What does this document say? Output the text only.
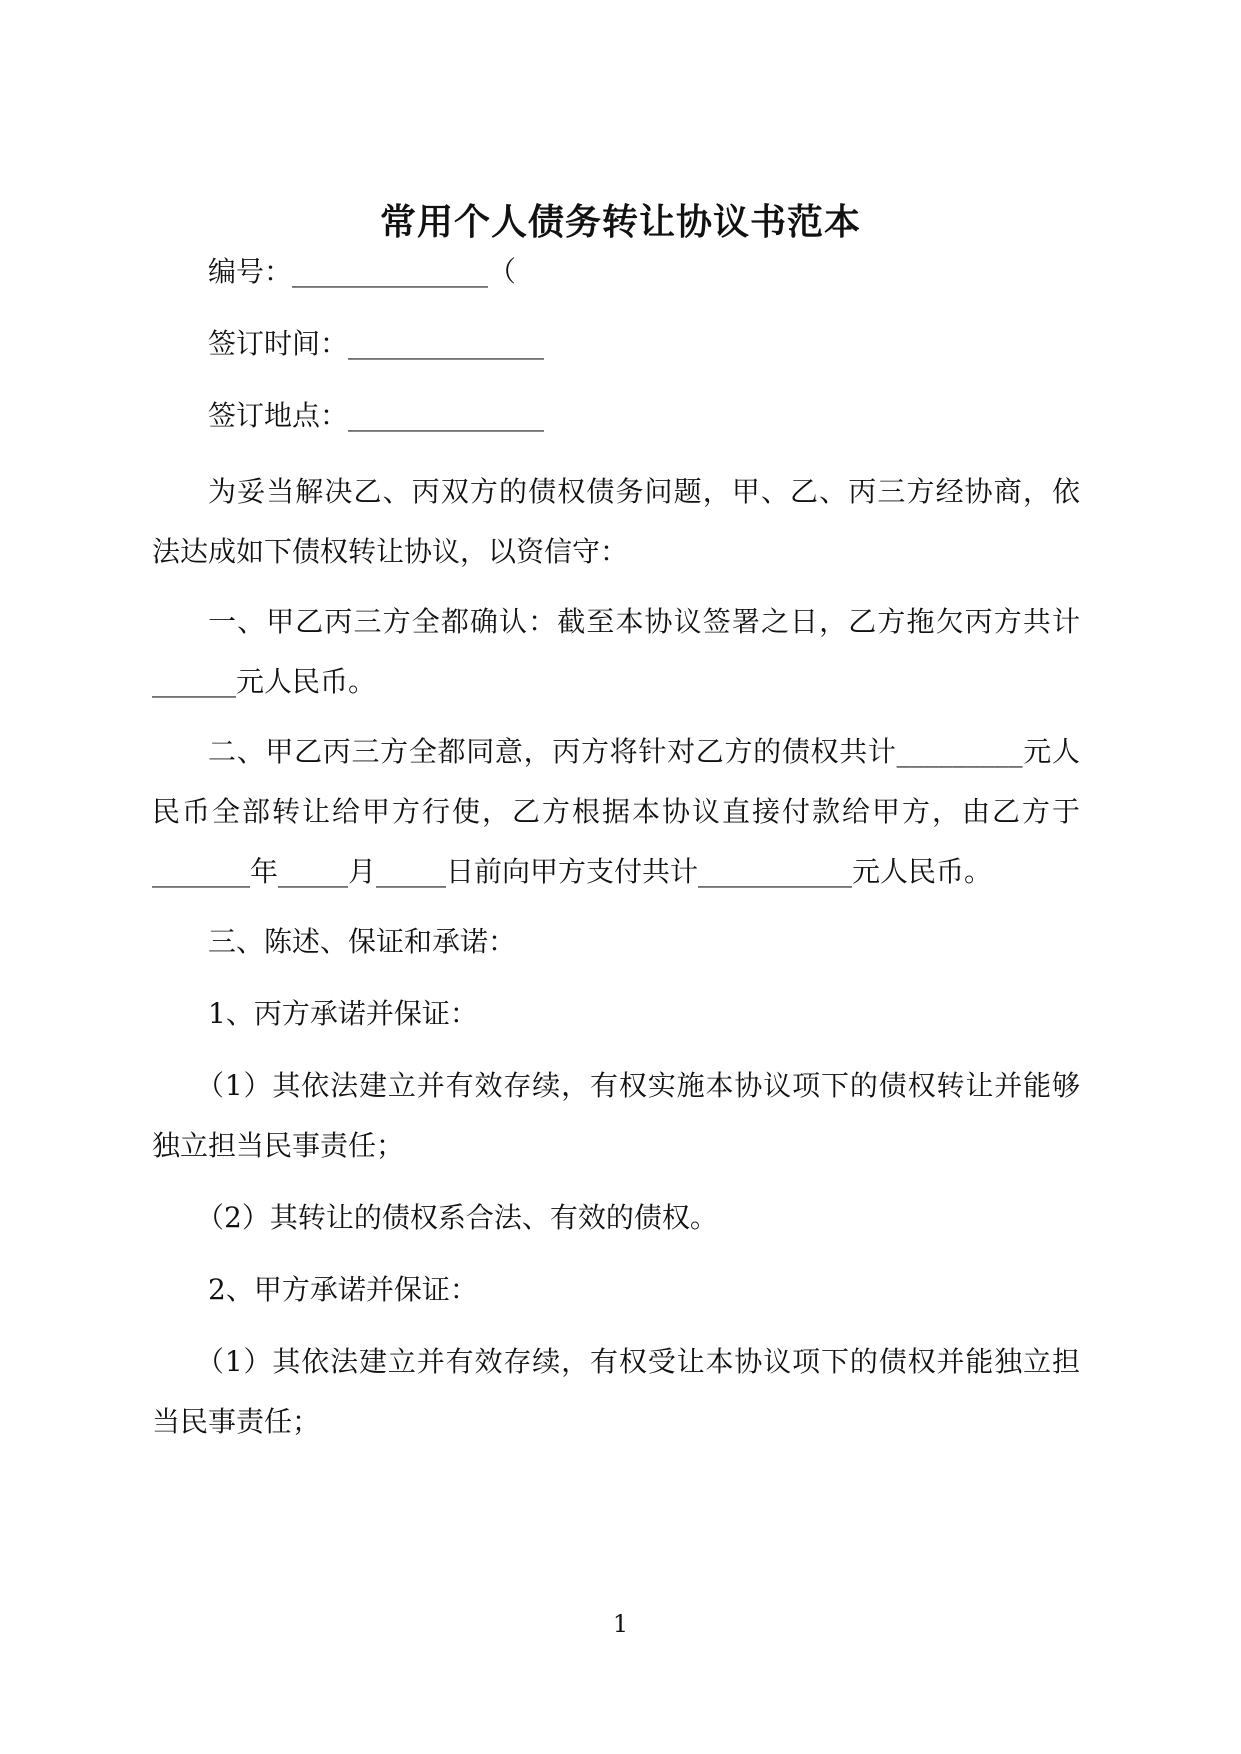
常用个人债务转让协议书范本

编号：______________（

签订时间：______________

签订地点：______________

为妥当解决乙、丙双方的债权债务问题，甲、乙、丙三方经协商，依

法达成如下债权转让协议，以资信守：

一、甲乙丙三方全都确认：截至本协议签署之日，乙方拖欠丙方共计

______元人民币。

二、甲乙丙三方全都同意，丙方将针对乙方的债权共计_________元人

民币全部转让给甲方行使，乙方根据本协议直接付款给甲方，由乙方于

_______年_____月_____日前向甲方支付共计___________元人民币。

三、陈述、保证和承诺：

1、丙方承诺并保证：

（1）其依法建立并有效存续，有权实施本协议项下的债权转让并能够

独立担当民事责任；

（2）其转让的债权系合法、有效的债权。

2、甲方承诺并保证：

（1）其依法建立并有效存续，有权受让本协议项下的债权并能独立担

当民事责任；

1
